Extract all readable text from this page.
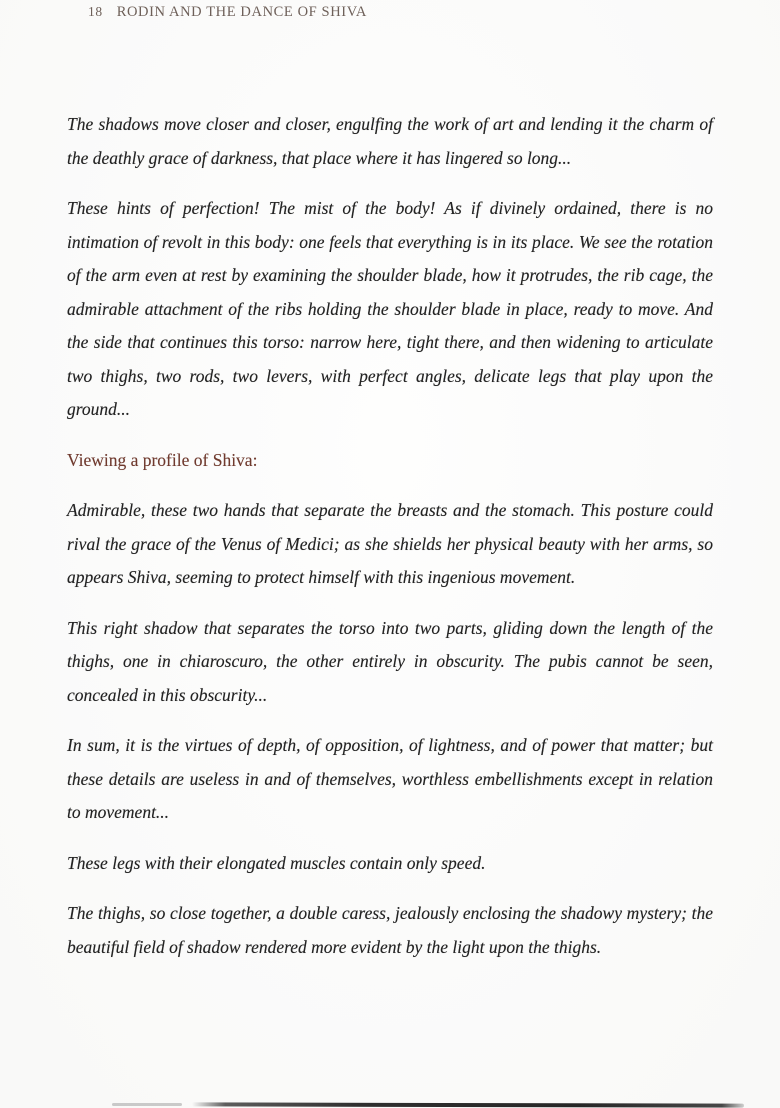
18 RODIN AND THE DANCE OF SHIVA

The shadows move closer and closer, engulfing the work of art and lending it the charm of the deathly grace of darkness, that place where it has lingered so long...

These hints of perfection! The mist of the body! As if divinely ordained, there is no intimation of revolt in this body: one feels that everything is in its place. We see the rotation of the arm even at rest by examining the shoulder blade, how it protrudes, the rib cage, the admirable attachment of the ribs holding the shoulder blade in place, ready to move. And the side that continues this torso: narrow here, tight there, and then widening to articulate two thighs, two rods, two levers, with perfect angles, delicate legs that play upon the ground...

Viewing a profile of Shiva:

Admirable, these two hands that separate the breasts and the stomach. This posture could rival the grace of the Venus of Medici; as she shields her physical beauty with her arms, so appears Shiva, seeming to protect himself with this ingenious movement.

This right shadow that separates the torso into two parts, gliding down the length of the thighs, one in chiaroscuro, the other entirely in obscurity. The pubis cannot be seen, concealed in this obscurity...

In sum, it is the virtues of depth, of opposition, of lightness, and of power that matter; but these details are useless in and of themselves, worthless embellishments except in relation to movement...

These legs with their elongated muscles contain only speed.

The thighs, so close together, a double caress, jealously enclosing the shadowy mystery; the beautiful field of shadow rendered more evident by the light upon the thighs.
